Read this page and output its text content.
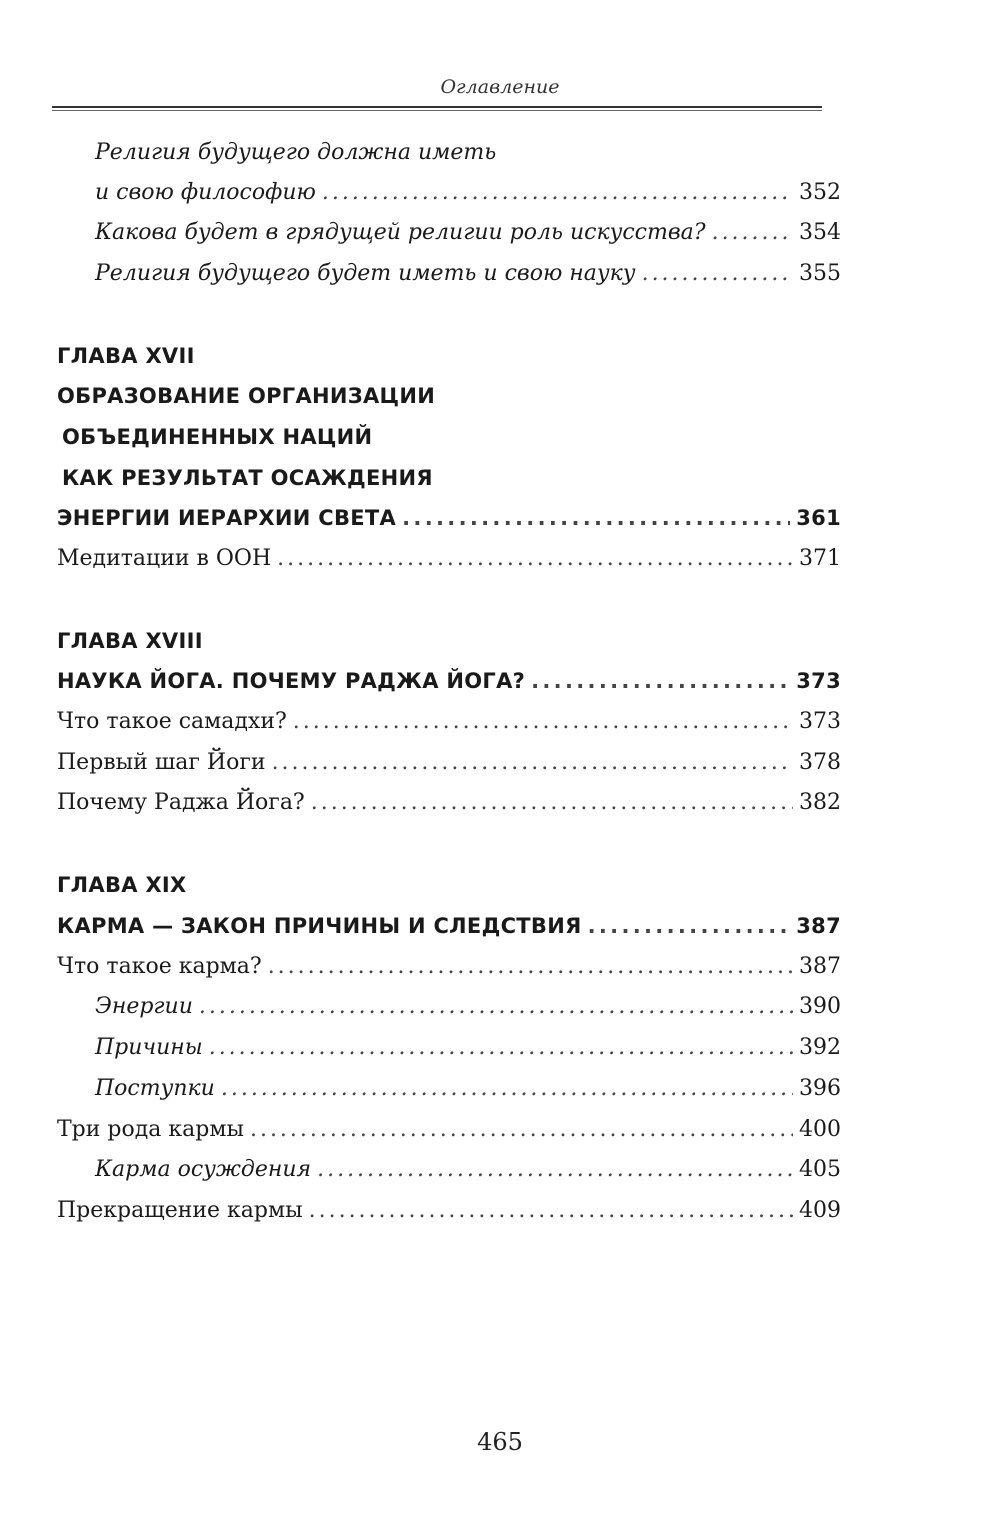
Оглавление
Религия будущего должна иметь
и свою философию . . .	352
Какова будет в грядущей религии роль искусства? . . .	354
Религия будущего будет иметь и свою науку . . .	355
ГЛАВА XVII
ОБРАЗОВАНИЕ ОРГАНИЗАЦИИ
ОБЪЕДИНЕННЫХ НАЦИЙ
КАК РЕЗУЛЬТАТ ОСАЖДЕНИЯ
ЭНЕРГИИ ИЕРАРХИИ СВЕТА . . .	361
Медитации в ООН . . .	371
ГЛАВА XVIII
НАУКА ЙОГА. ПОЧЕМУ РАДЖА ЙОГА? . . .	373
Что такое самадхи? . . .	373
Первый шаг Йоги . . .	378
Почему Раджа Йога? . . .	382
ГЛАВА XIX
КАРМА — ЗАКОН ПРИЧИНЫ И СЛЕДСТВИЯ . . .	387
Что такое карма? . . .	387
Энергии . . .	390
Причины . . .	392
Поступки . . .	396
Три рода кармы . . .	400
Карма осуждения . . .	405
Прекращение кармы . . .	409
465
